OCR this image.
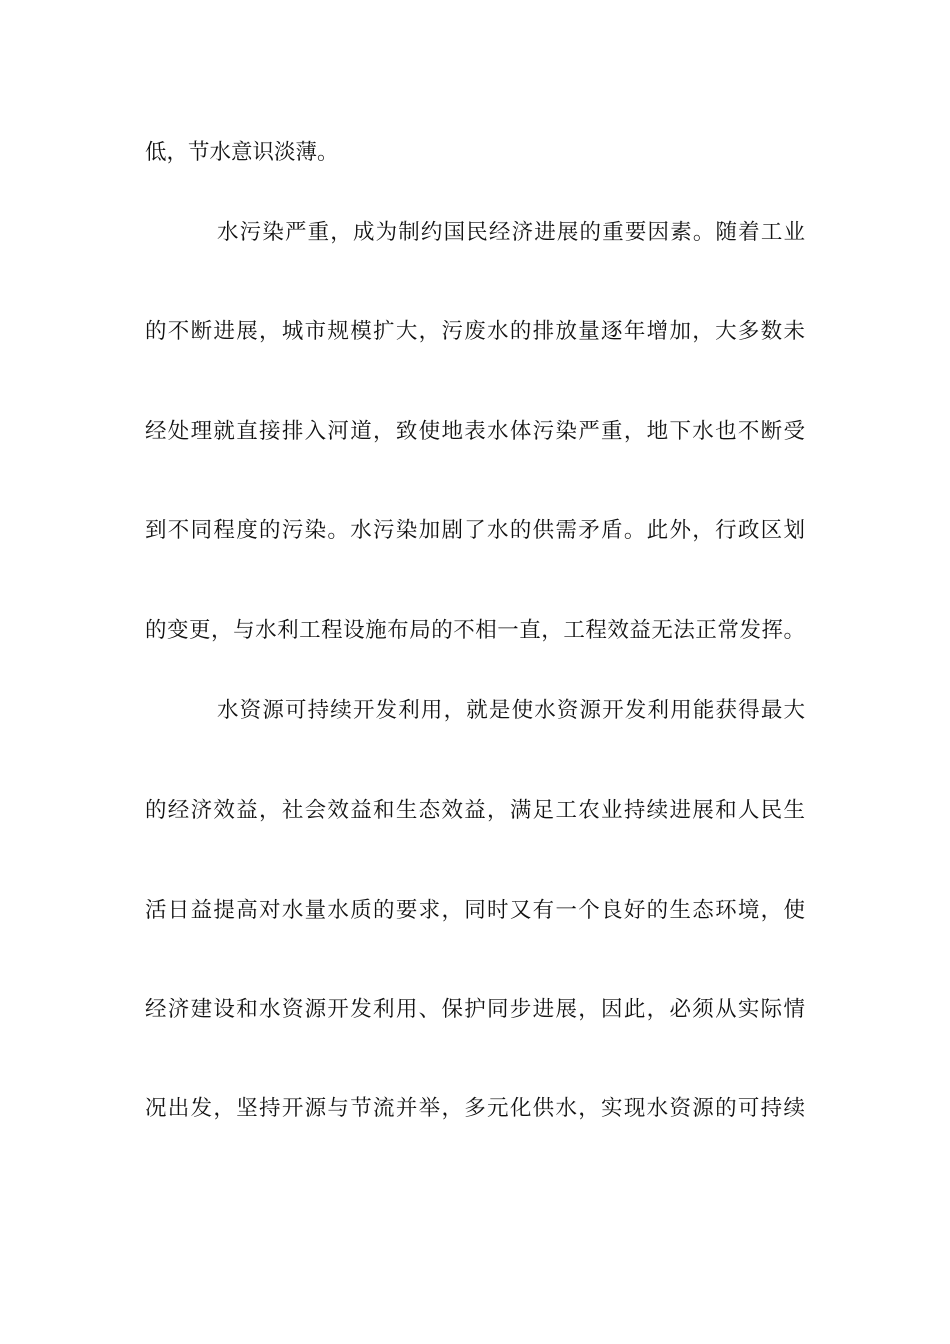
低，节水意识淡薄。
水污染严重，成为制约国民经济进展的重要因素。随着工业
的不断进展，城市规模扩大，污废水的排放量逐年增加，大多数未
经处理就直接排入河道，致使地表水体污染严重，地下水也不断受
到不同程度的污染。水污染加剧了水的供需矛盾。此外，行政区划
的变更，与水利工程设施布局的不相一直，工程效益无法正常发挥。
水资源可持续开发利用，就是使水资源开发利用能获得最大
的经济效益，社会效益和生态效益，满足工农业持续进展和人民生
活日益提高对水量水质的要求，同时又有一个良好的生态环境，使
经济建设和水资源开发利用、保护同步进展，因此，必须从实际情
况出发，坚持开源与节流并举，多元化供水，实现水资源的可持续
